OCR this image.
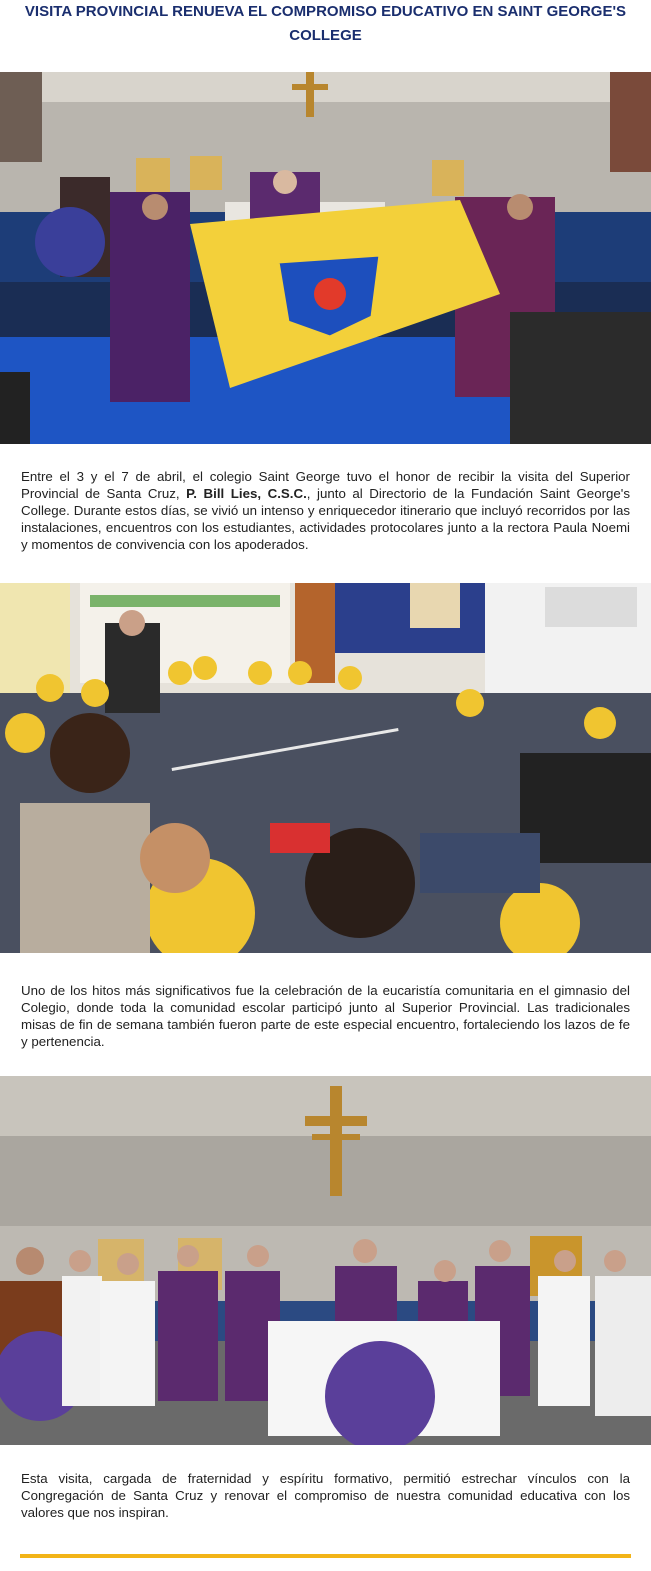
VISITA PROVINCIAL RENUEVA EL COMPROMISO EDUCATIVO EN SAINT GEORGE'S COLLEGE

Entre el 3 y el 7 de abril, el colegio Saint George tuvo el honor de recibir la visita del Superior Provincial de Santa Cruz, P. Bill Lies, C.S.C., junto al Directorio de la Fundación Saint George's College. Durante estos días, se vivió un intenso y enriquecedor itinerario que incluyó recorridos por las instalaciones, encuentros con los estudiantes, actividades protocolares junto a la rectora Paula Noemi y momentos de convivencia con los apoderados.

Uno de los hitos más significativos fue la celebración de la eucaristía comunitaria en el gimnasio del Colegio, donde toda la comunidad escolar participó junto al Superior Provincial. Las tradicionales misas de fin de semana también fueron parte de este especial encuentro, fortaleciendo los lazos de fe y pertenencia.

Esta visita, cargada de fraternidad y espíritu formativo, permitió estrechar vínculos con la Congregación de Santa Cruz y renovar el compromiso de nuestra comunidad educativa con los valores que nos inspiran.
